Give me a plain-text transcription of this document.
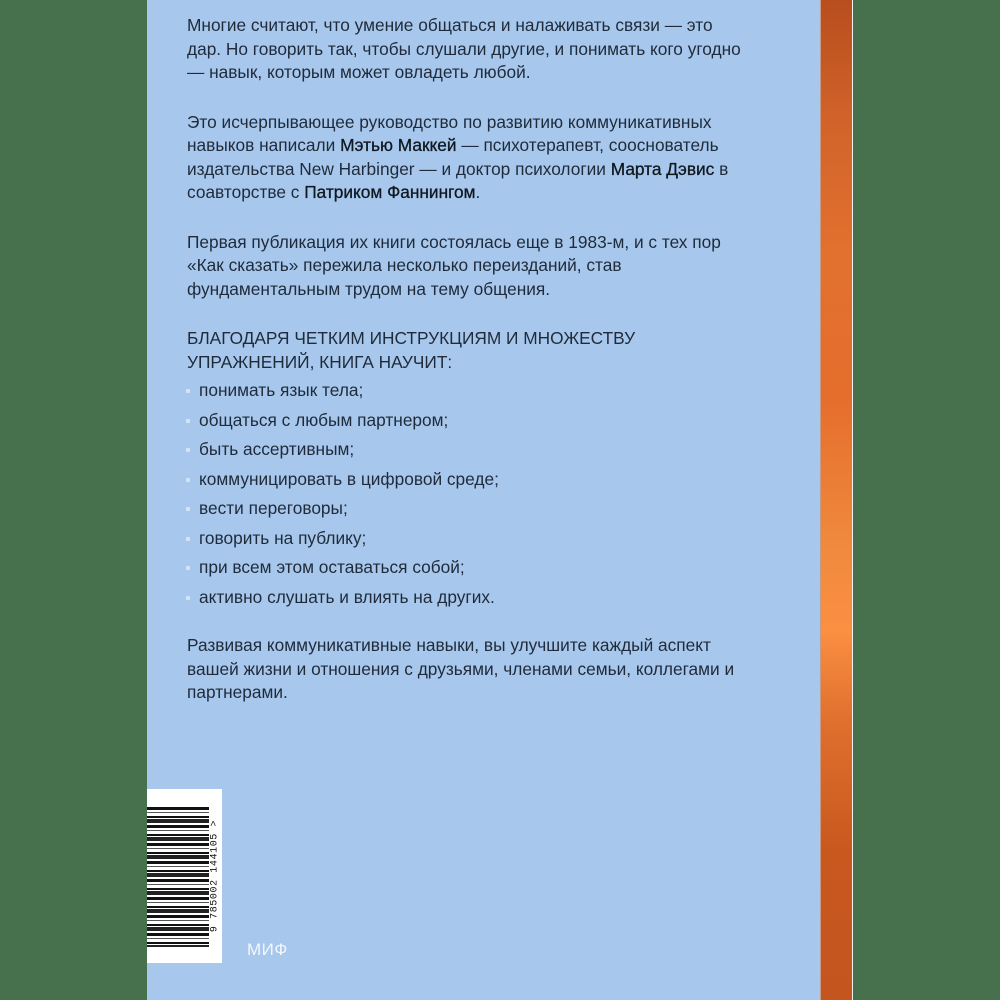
Многие считают, что умение общаться и налаживать связи — это дар. Но говорить так, чтобы слушали другие, и понимать кого угодно — навык, которым может овладеть любой.

Это исчерпывающее руководство по развитию коммуникативных навыков написали Мэтью Маккей — психотерапевт, сооснователь издательства New Harbinger — и доктор психологии Марта Дэвис в соавторстве с Патриком Фаннингом.

Первая публикация их книги состоялась еще в 1983-м, и с тех пор «Как сказать» пережила несколько переизданий, став фундаментальным трудом на тему общения.

БЛАГОДАРЯ ЧЕТКИМ ИНСТРУКЦИЯМ И МНОЖЕСТВУ УПРАЖНЕНИЙ, КНИГА НАУЧИТ:
понимать язык тела;
общаться с любым партнером;
быть ассертивным;
коммуницировать в цифровой среде;
вести переговоры;
говорить на публику;
при всем этом оставаться собой;
активно слушать и влиять на других.

Развивая коммуникативные навыки, вы улучшите каждый аспект вашей жизни и отношения с друзьями, членами семьи, коллегами и партнерами.

9 785002 144105 >
МИФ
